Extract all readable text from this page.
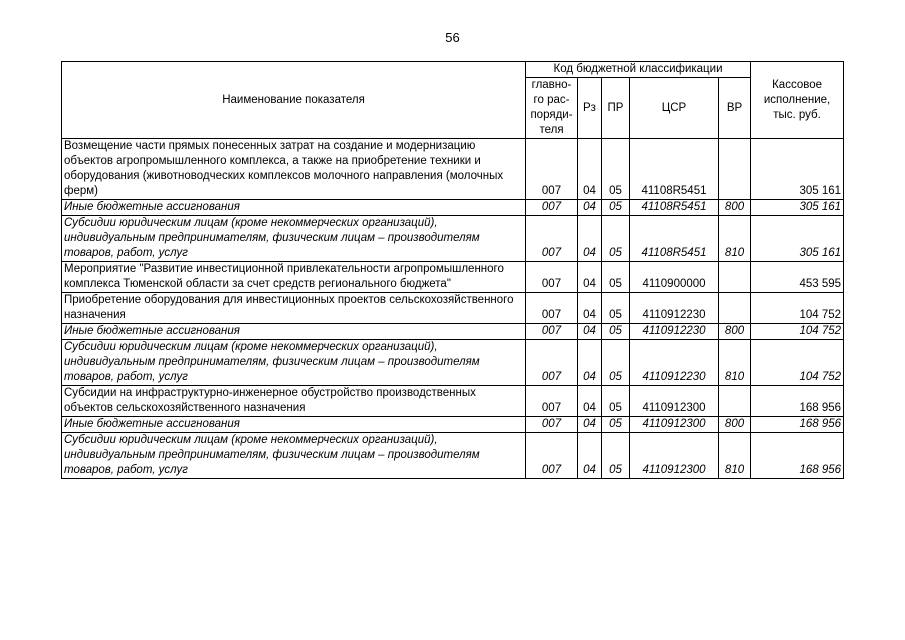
56
Наименование показателя	Код бюджетной классификации					Кассовое исполнение, тыс. руб.
	главно-го рас-поряди-теля	Рз	ПР	ЦСР	ВР	
Возмещение части прямых понесенных затрат на создание и модернизацию объектов агропромышленного комплекса, а также на приобретение техники и оборудования (животноводческих комплексов молочного направления (молочных ферм)	007	04	05	41108R5451		305 161
Иные бюджетные ассигнования	007	04	05	41108R5451	800	305 161
Субсидии юридическим лицам (кроме некоммерческих организаций), индивидуальным предпринимателям, физическим лицам – производителям товаров, работ, услуг	007	04	05	41108R5451	810	305 161
Мероприятие "Развитие инвестиционной привлекательности агропромышленного комплекса Тюменской области за счет средств регионального бюджета"	007	04	05	4110900000		453 595
Приобретение оборудования для инвестиционных проектов сельскохозяйственного назначения	007	04	05	4110912230		104 752
Иные бюджетные ассигнования	007	04	05	4110912230	800	104 752
Субсидии юридическим лицам (кроме некоммерческих организаций), индивидуальным предпринимателям, физическим лицам – производителям товаров, работ, услуг	007	04	05	4110912230	810	104 752
Субсидии на инфраструктурно-инженерное обустройство производственных объектов сельскохозяйственного назначения	007	04	05	4110912300		168 956
Иные бюджетные ассигнования	007	04	05	4110912300	800	168 956
Субсидии юридическим лицам (кроме некоммерческих организаций), индивидуальным предпринимателям, физическим лицам – производителям товаров, работ, услуг	007	04	05	4110912300	810	168 956
